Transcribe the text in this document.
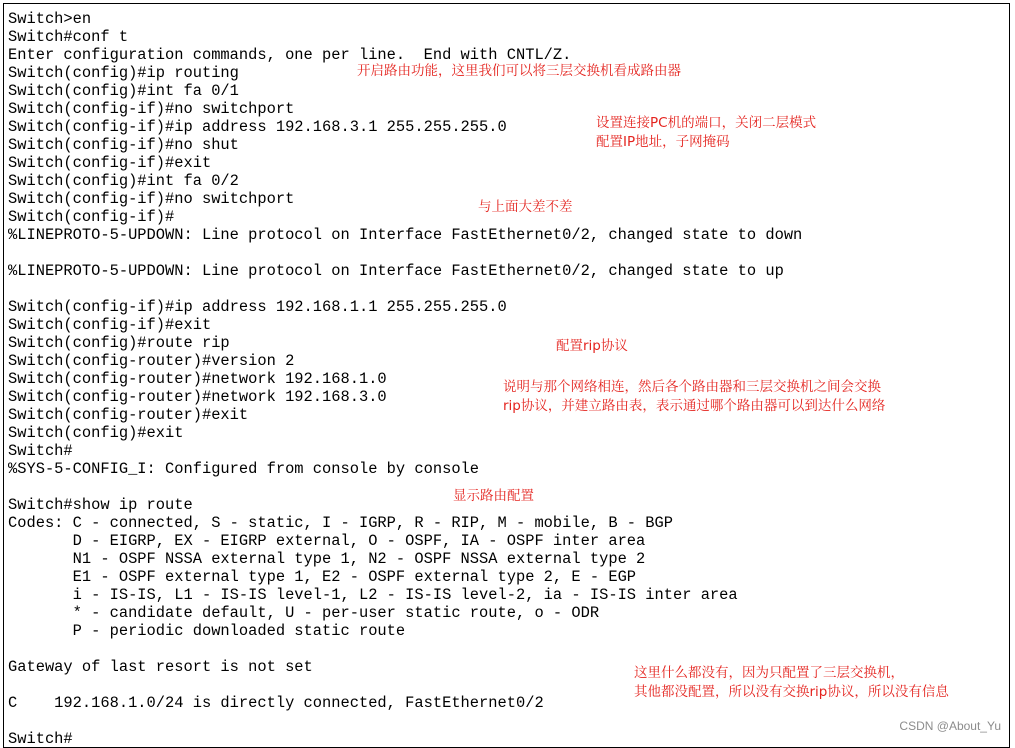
Switch>en
Switch#conf t
Enter configuration commands, one per line.  End with CNTL/Z.
Switch(config)#ip routing
Switch(config)#int fa 0/1
Switch(config-if)#no switchport
Switch(config-if)#ip address 192.168.3.1 255.255.255.0
Switch(config-if)#no shut
Switch(config-if)#exit
Switch(config)#int fa 0/2
Switch(config-if)#no switchport
Switch(config-if)#
%LINEPROTO-5-UPDOWN: Line protocol on Interface FastEthernet0/2, changed state to down
%LINEPROTO-5-UPDOWN: Line protocol on Interface FastEthernet0/2, changed state to up
Switch(config-if)#ip address 192.168.1.1 255.255.255.0
Switch(config-if)#exit
Switch(config)#route rip
Switch(config-router)#version 2
Switch(config-router)#network 192.168.1.0
Switch(config-router)#network 192.168.3.0
Switch(config-router)#exit
Switch(config)#exit
Switch#
%SYS-5-CONFIG_I: Configured from console by console
Switch#show ip route
Codes: C - connected, S - static, I - IGRP, R - RIP, M - mobile, B - BGP
D - EIGRP, EX - EIGRP external, O - OSPF, IA - OSPF inter area
N1 - OSPF NSSA external type 1, N2 - OSPF NSSA external type 2
E1 - OSPF external type 1, E2 - OSPF external type 2, E - EGP
i - IS-IS, L1 - IS-IS level-1, L2 - IS-IS level-2, ia - IS-IS inter area
* - candidate default, U - per-user static route, o - ODR
P - periodic downloaded static route
Gateway of last resort is not set
C    192.168.1.0/24 is directly connected, FastEthernet0/2
Switch#
开启路由功能，这里我们可以将三层交换机看成路由器
设置连接PC机的端口，关闭二层模式
配置IP地址，子网掩码
与上面大差不差
配置rip协议
说明与那个网络相连，然后各个路由器和三层交换机之间会交换
rip协议，并建立路由表，表示通过哪个路由器可以到达什么网络
显示路由配置
这里什么都没有，因为只配置了三层交换机，
其他都没配置，所以没有交换rip协议，所以没有信息
CSDN @About_Yu
